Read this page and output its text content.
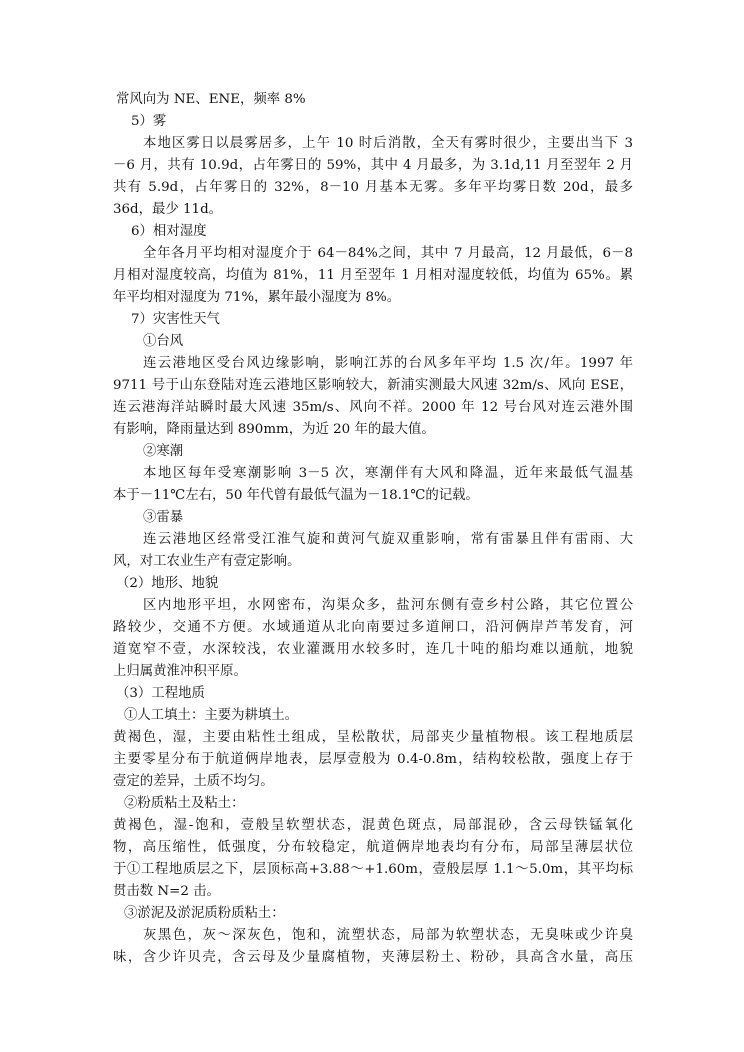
常风向为 NE、ENE，频率 8%
5）雾
本地区雾日以晨雾居多，上午 10 时后消散，全天有雾时很少，主要出当下 3
－6 月，共有 10.9d，占年雾日的 59%，其中 4 月最多，为 3.1d,11 月至翌年 2 月
共有 5.9d，占年雾日的 32%，8－10 月基本无雾。多年平均雾日数 20d，最多
36d，最少 11d。
6）相对湿度
全年各月平均相对湿度介于 64－84%之间，其中 7 月最高，12 月最低，6－8
月相对湿度较高，均值为 81%，11 月至翌年 1 月相对湿度较低，均值为 65%。累
年平均相对湿度为 71%，累年最小湿度为 8%。
7）灾害性天气
①台风
连云港地区受台风边缘影响，影响江苏的台风多年平均 1.5 次/年。1997 年
9711 号于山东登陆对连云港地区影响较大，新浦实测最大风速 32m/s、风向 ESE，
连云港海洋站瞬时最大风速 35m/s、风向不祥。2000 年 12 号台风对连云港外围
有影响，降雨量达到 890mm，为近 20 年的最大值。
②寒潮
本地区每年受寒潮影响 3－5 次，寒潮伴有大风和降温，近年来最低气温基
本于－11℃左右，50 年代曾有最低气温为－18.1℃的记载。
③雷暴
连云港地区经常受江淮气旋和黄河气旋双重影响，常有雷暴且伴有雷雨、大
风，对工农业生产有壹定影响。
（2）地形、地貌
区内地形平坦，水网密布，沟渠众多，盐河东侧有壹乡村公路，其它位置公
路较少，交通不方便。水域通道从北向南要过多道闸口，沿河俩岸芦苇发育，河
道宽窄不壹，水深较浅，农业灌溉用水较多时，连几十吨的船均难以通航，地貌
上归属黄淮冲积平原。
（3）工程地质
①人工填土：主要为耕填土。
黄褐色，湿，主要由粘性土组成，呈松散状，局部夹少量植物根。该工程地质层
主要零星分布于航道俩岸地表，层厚壹般为 0.4-0.8m，结构较松散，强度上存于
壹定的差异，土质不均匀。
②粉质粘土及粘土：
黄褐色，湿-饱和，壹般呈软塑状态，混黄色斑点，局部混砂，含云母铁锰氧化
物，高压缩性，低强度，分布较稳定，航道俩岸地表均有分布，局部呈薄层状位
于①工程地质层之下，层顶标高+3.88～+1.60m，壹般层厚 1.1～5.0m，其平均标
贯击数 N=2 击。
③淤泥及淤泥质粉质粘土：
灰黑色，灰～深灰色，饱和，流塑状态，局部为软塑状态，无臭味或少许臭
味，含少许贝壳，含云母及少量腐植物，夹薄层粉土、粉砂，具高含水量，高压
